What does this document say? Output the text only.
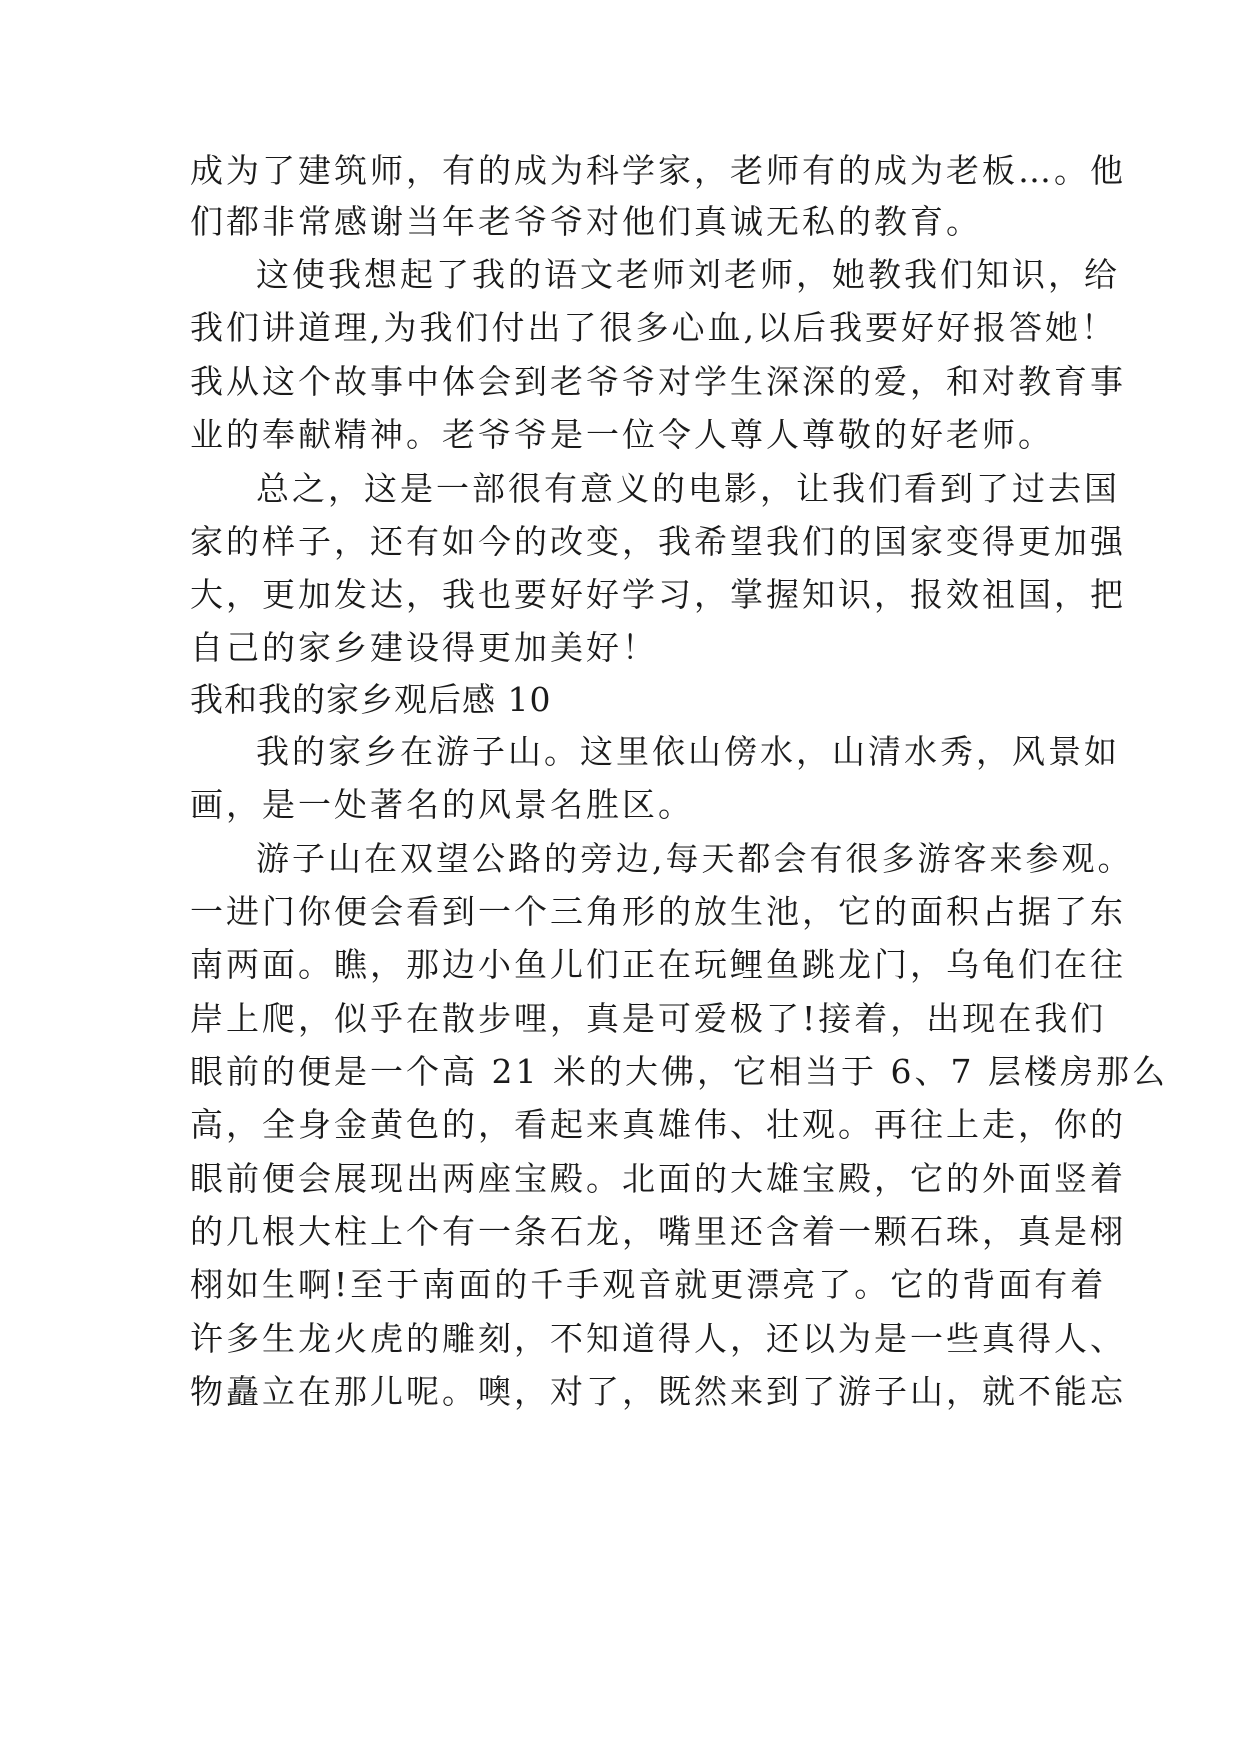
成为了建筑师，有的成为科学家，老师有的成为老板…。他
们都非常感谢当年老爷爷对他们真诚无私的教育。
这使我想起了我的语文老师刘老师，她教我们知识，给
我们讲道理,为我们付出了很多心血,以后我要好好报答她！
我从这个故事中体会到老爷爷对学生深深的爱，和对教育事
业的奉献精神。老爷爷是一位令人尊人尊敬的好老师。
总之，这是一部很有意义的电影，让我们看到了过去国
家的样子，还有如今的改变，我希望我们的国家变得更加强
大，更加发达，我也要好好学习，掌握知识，报效祖国，把
自己的家乡建设得更加美好！
我和我的家乡观后感 10
我的家乡在游子山。这里依山傍水，山清水秀，风景如
画，是一处著名的风景名胜区。
游子山在双望公路的旁边,每天都会有很多游客来参观。
一进门你便会看到一个三角形的放生池，它的面积占据了东
南两面。瞧，那边小鱼儿们正在玩鲤鱼跳龙门，乌龟们在往
岸上爬，似乎在散步哩，真是可爱极了!接着，出现在我们
眼前的便是一个高 21 米的大佛，它相当于 6、7 层楼房那么
高，全身金黄色的，看起来真雄伟、壮观。再往上走，你的
眼前便会展现出两座宝殿。北面的大雄宝殿，它的外面竖着
的几根大柱上个有一条石龙，嘴里还含着一颗石珠，真是栩
栩如生啊!至于南面的千手观音就更漂亮了。它的背面有着
许多生龙火虎的雕刻，不知道得人，还以为是一些真得人、
物矗立在那儿呢。噢，对了，既然来到了游子山，就不能忘
